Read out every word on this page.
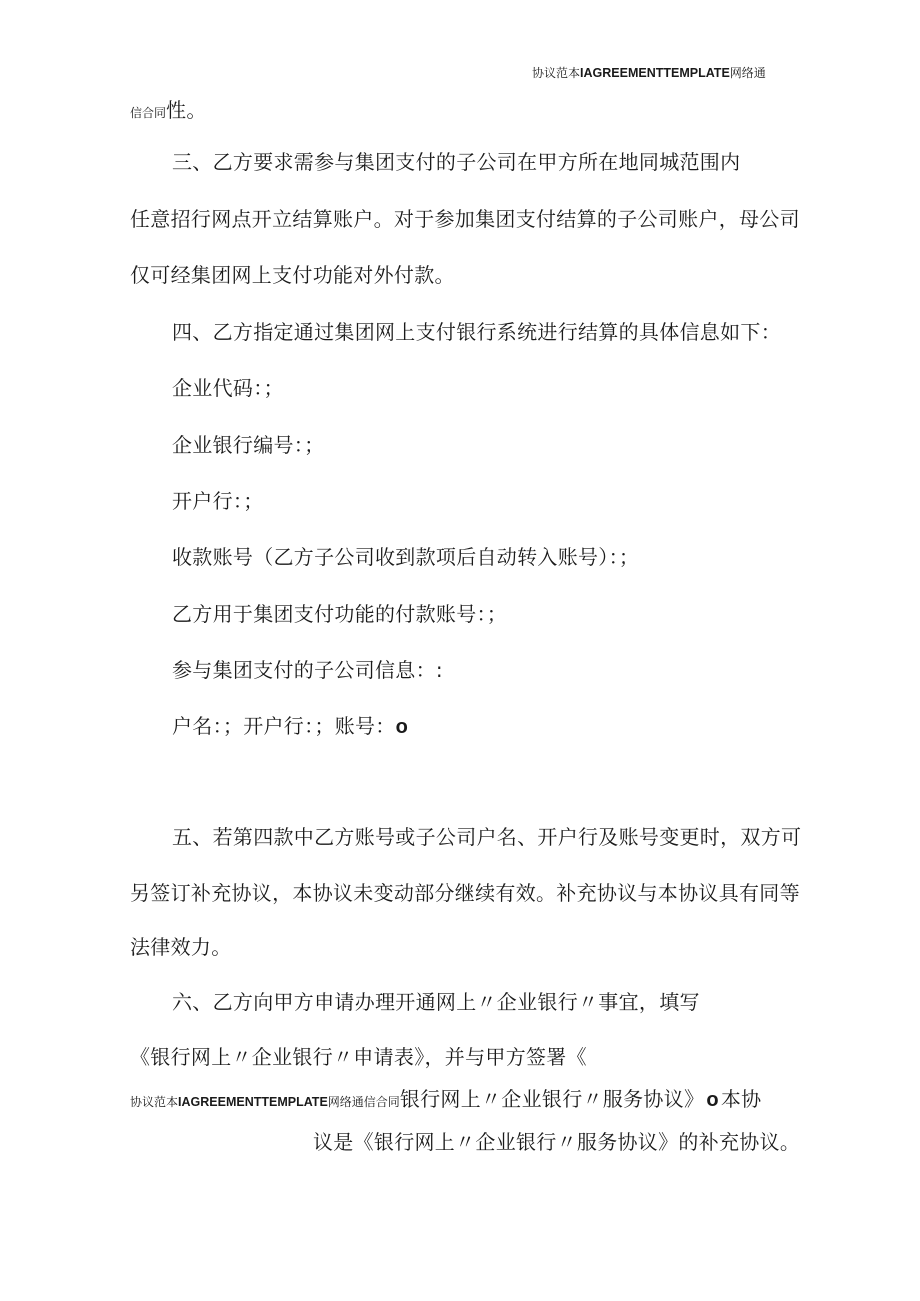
协议范本IAGREEMENTTEMPLATE网络通
信合同性。
三、乙方要求需参与集团支付的子公司在甲方所在地同城范围内
任意招行网点开立结算账户。对于参加集团支付结算的子公司账户，母公司
仅可经集团网上支付功能对外付款。
四、乙方指定通过集团网上支付银行系统进行结算的具体信息如下：
企业代码：；
企业银行编号：；
开户行：；
收款账号（乙方子公司收到款项后自动转入账号）：；
乙方用于集团支付功能的付款账号：；
参与集团支付的子公司信息：:
户名：；开户行：；账号：o
五、若第四款中乙方账号或子公司户名、开户行及账号变更时，双方可
另签订补充协议，本协议未变动部分继续有效。补充协议与本协议具有同等
法律效力。
六、乙方向甲方申请办理开通网上〃企业银行〃事宜，填写
《银行网上〃企业银行〃申请表》，并与甲方签署《
协议范本IAGREEMENTTEMPLATE网络通信合同银行网上〃企业银行〃服务协议》 o 本协
议是《银行网上〃企业银行〃服务协议》的补充协议。
